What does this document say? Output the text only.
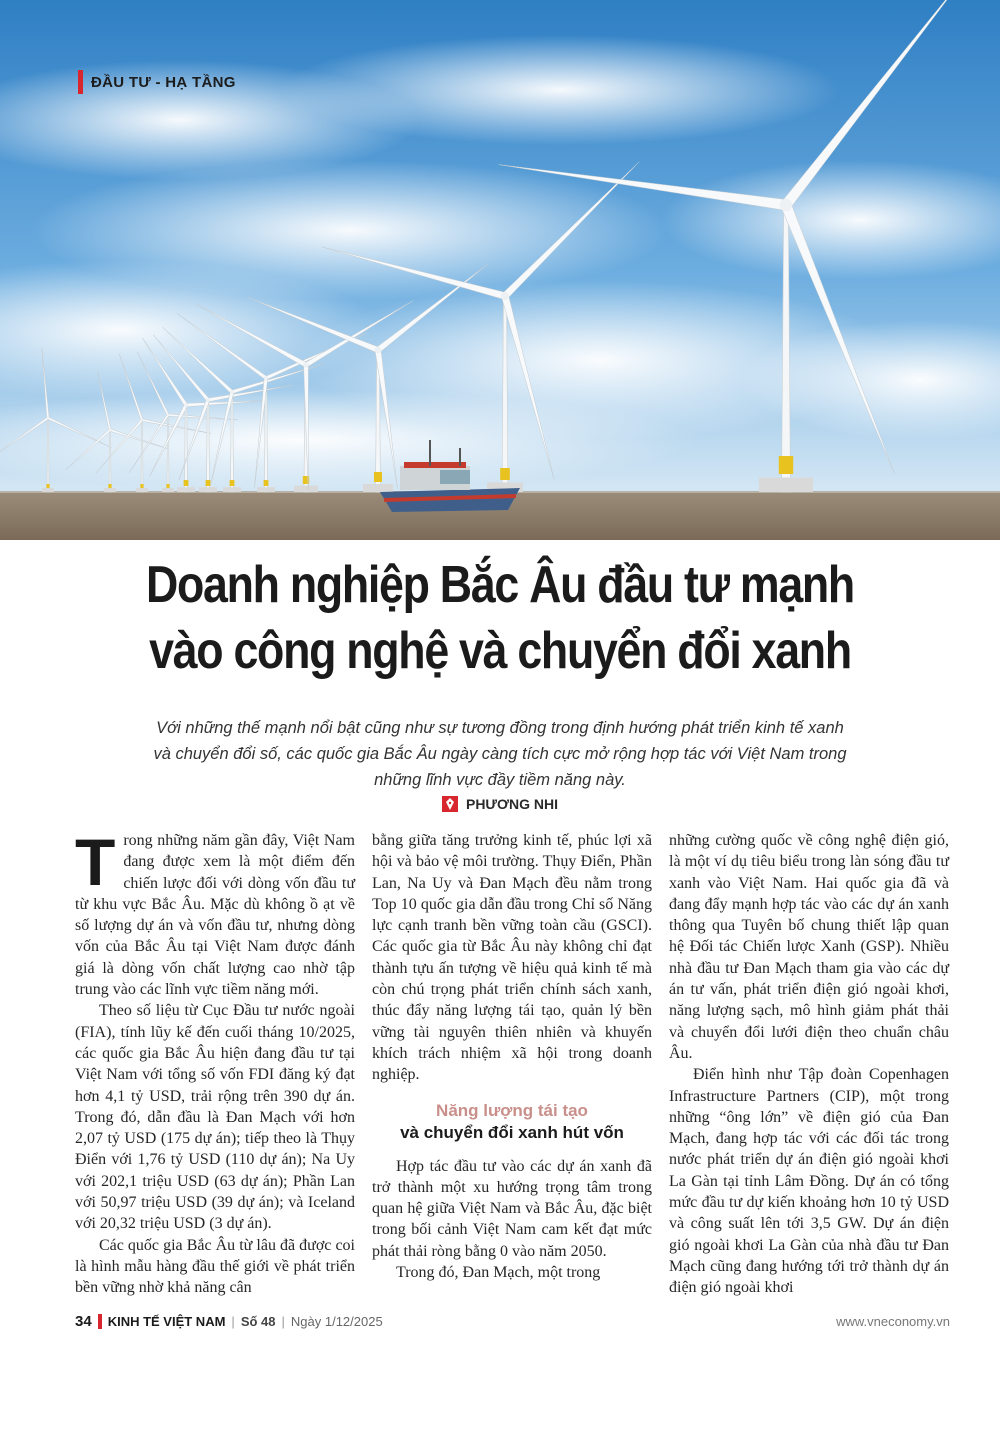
ĐẦU TƯ - HẠ TẦNG
Doanh nghiệp Bắc Âu đầu tư mạnh
vào công nghệ và chuyển đổi xanh
Với những thế mạnh nổi bật cũng như sự tương đồng trong định hướng phát triển kinh tế xanh và chuyển đổi số, các quốc gia Bắc Âu ngày càng tích cực mở rộng hợp tác với Việt Nam trong những lĩnh vực đầy tiềm năng này.
PHƯƠNG NHI

Trong những năm gần đây, Việt Nam đang được xem là một điểm đến chiến lược đối với dòng vốn đầu tư từ khu vực Bắc Âu. Mặc dù không ồ ạt về số lượng dự án và vốn đầu tư, nhưng dòng vốn của Bắc Âu tại Việt Nam được đánh giá là dòng vốn chất lượng cao nhờ tập trung vào các lĩnh vực tiềm năng mới.

Theo số liệu từ Cục Đầu tư nước ngoài (FIA), tính lũy kế đến cuối tháng 10/2025, các quốc gia Bắc Âu hiện đang đầu tư tại Việt Nam với tổng số vốn FDI đăng ký đạt hơn 4,1 tỷ USD, trải rộng trên 390 dự án. Trong đó, dẫn đầu là Đan Mạch với hơn 2,07 tỷ USD (175 dự án); tiếp theo là Thụy Điển với 1,76 tỷ USD (110 dự án); Na Uy với 202,1 triệu USD (63 dự án); Phần Lan với 50,97 triệu USD (39 dự án); và Iceland với 20,32 triệu USD (3 dự án).

Các quốc gia Bắc Âu từ lâu đã được coi là hình mẫu hàng đầu thế giới về phát triển bền vững nhờ khả năng cân

bằng giữa tăng trưởng kinh tế, phúc lợi xã hội và bảo vệ môi trường. Thụy Điển, Phần Lan, Na Uy và Đan Mạch đều nằm trong Top 10 quốc gia dẫn đầu trong Chỉ số Năng lực cạnh tranh bền vững toàn cầu (GSCI). Các quốc gia từ Bắc Âu này không chỉ đạt thành tựu ấn tượng về hiệu quả kinh tế mà còn chú trọng phát triển chính sách xanh, thúc đẩy năng lượng tái tạo, quản lý bền vững tài nguyên thiên nhiên và khuyến khích trách nhiệm xã hội trong doanh nghiệp.

Năng lượng tái tạo
và chuyển đổi xanh hút vốn

Hợp tác đầu tư vào các dự án xanh đã trở thành một xu hướng trọng tâm trong quan hệ giữa Việt Nam và Bắc Âu, đặc biệt trong bối cảnh Việt Nam cam kết đạt mức phát thải ròng bằng 0 vào năm 2050.

Trong đó, Đan Mạch, một trong

những cường quốc về công nghệ điện gió, là một ví dụ tiêu biểu trong làn sóng đầu tư xanh vào Việt Nam. Hai quốc gia đã và đang đẩy mạnh hợp tác vào các dự án xanh thông qua Tuyên bố chung thiết lập quan hệ Đối tác Chiến lược Xanh (GSP). Nhiều nhà đầu tư Đan Mạch tham gia vào các dự án tư vấn, phát triển điện gió ngoài khơi, năng lượng sạch, mô hình giảm phát thải và chuyển đổi lưới điện theo chuẩn châu Âu.

Điển hình như Tập đoàn Copenhagen Infrastructure Partners (CIP), một trong những “ông lớn” về điện gió của Đan Mạch, đang hợp tác với các đối tác trong nước phát triển dự án điện gió ngoài khơi La Gàn tại tỉnh Lâm Đồng. Dự án có tổng mức đầu tư dự kiến khoảng hơn 10 tỷ USD và công suất lên tới 3,5 GW. Dự án điện gió ngoài khơi La Gàn của nhà đầu tư Đan Mạch cũng đang hướng tới trở thành dự án điện gió ngoài khơi

34 KINH TẾ VIỆT NAM | Số 48 | Ngày 1/12/2025	www.vneconomy.vn
